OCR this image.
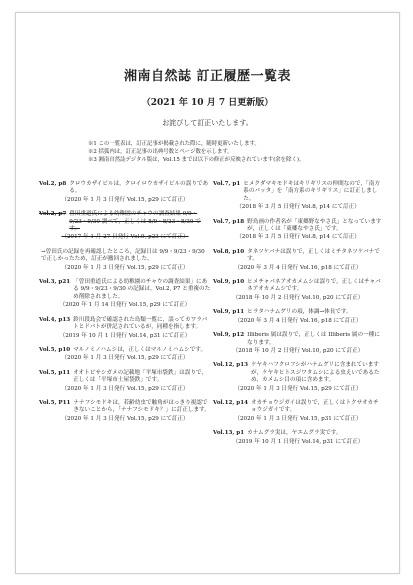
湘南自然誌 訂正履歴一覧表
（2021 年 10 月 7 日更新版）
お詫びして訂正いたします。
※1 この一覧表は，訂正記事が掲載された際に，随時更新いたします。
※2 括弧内は，訂正記事の出典号数とページ数を示します。
※3 湘南自然誌デジタル版は，Vol.15 までは以下の修正が反映されています(余を除く)。
Vol.2, p8 クロウカザイビルは，クロイロウカザイビルの誤りである。
（2020 年 1 月 3 日発行 Vol.15, p29 にて訂正）
Vol.2, p7 曽田重道氏による幼稚園のチャウの調査結果 9/9・9/23・9/30 調べて，正しくは 8/9・8/23・8/30 です。
（2017 年 1 月 27 日発行 Vol.9, p23 にて訂正）
→曽田氏の記録を再確認したところ，記録日は 9/9・9/23・9/30 で正しかったため，訂正が撤回されました。
（2020 年 1 月 3 日発行 Vol.15, p29 にて訂正）
Vol.3, p21 「曽田重道氏による幼稚園のチャウの調査結果」にある 9/9・9/23・9/30 の記録は，Vol.2, P7 と重複のため削除されました。
（2020 年 1 月 14 日発行 Vol.15, p29 にて訂正）
Vol.4, p13 鈴川段島会で確認された鳥類一覧に，誤ってカワラバトとドバトが併記されているが，同種を指します。
（2019 年 10 月 1 日発行 Vol.14, p31 にて訂正）
Vol.5, p10 マルノミノハムシは，正しくはマルノミハムシです。
（2020 年 1 月 3 日発行 Vol.15, p29 にて訂正）
Vol.5, p11 オオトビサシガメの記載地「平塚市袋鉄」は誤りで，正しくは「平塚市土屋袋鉄」です。
（2020 年 1 月 3 日発行 Vol.15, p29 にて訂正）
Vol.5, P11 ナナフシモドキは，若齢幼虫で触角がはっきり視認できないことから，「ナナフシモドキ？」に訂正します。
（2020 年 1 月 3 日発行 Vol.15, p29 にて訂正）
Vol.7, p1 ヒメクダマキモドキはキリギリスの仲間なので，「南方系のバッタ」を「南方系のキリギリス」に訂正しました。
（2018 年 3 月 5 日発行 Vol.8, p14 にて訂正）
Vol.7, p18 野鳥画の作者名が「東郷野なやさ氏」となっていますが，正しくは「東郷なやさ氏」です。
（2018 年 3 月 5 日発行 Vol.8, p14 にて訂正）
Vol.8, p10 タネツケバナは誤りで，正しくはミチタネツケバナです。
（2020 年 3 月 4 日発行 Vol.16, p18 にて訂正）
Vol.9, p10 ヒメチャバネアオカメムシは誤りで，正しくはチャバネアオカメムシです。
（2018 年 10 月 2 日発行 Vol.10, p20 にて訂正）
Vol.9, p11 ヒラタハナムグリの項，体調→体長です。
（2020 年 3 月 4 日発行 Vol.16, p18 にて訂正）
Vol.9, p12 Illiberis 属は誤りで，正しくは Illiberis 属の一種になります。
（2018 年 10 月 2 日発行 Vol.10, p20 にて訂正）
Vol.12, p13 ケヤキハフクロフシがハナムグリに含まれていますが，ケヤキヒトスジワタムシによる虫えいであるため，カメムシ目の項に含めます。
（2020 年 1 月 3 日発行 Vol.15, p29 にて訂正）
Vol.12, p14 オカチョウジガイは誤りで，正しくはトクサオカチョウジガイです。
（2020 年 1 月 3 日発行 Vol.15, p31 にて訂正）
Vol.13, p1 カナムグラ実は，ヤエムグラ実です。
（2019 年 10 月 1 日発行 Vol.14, p31 にて訂正）
